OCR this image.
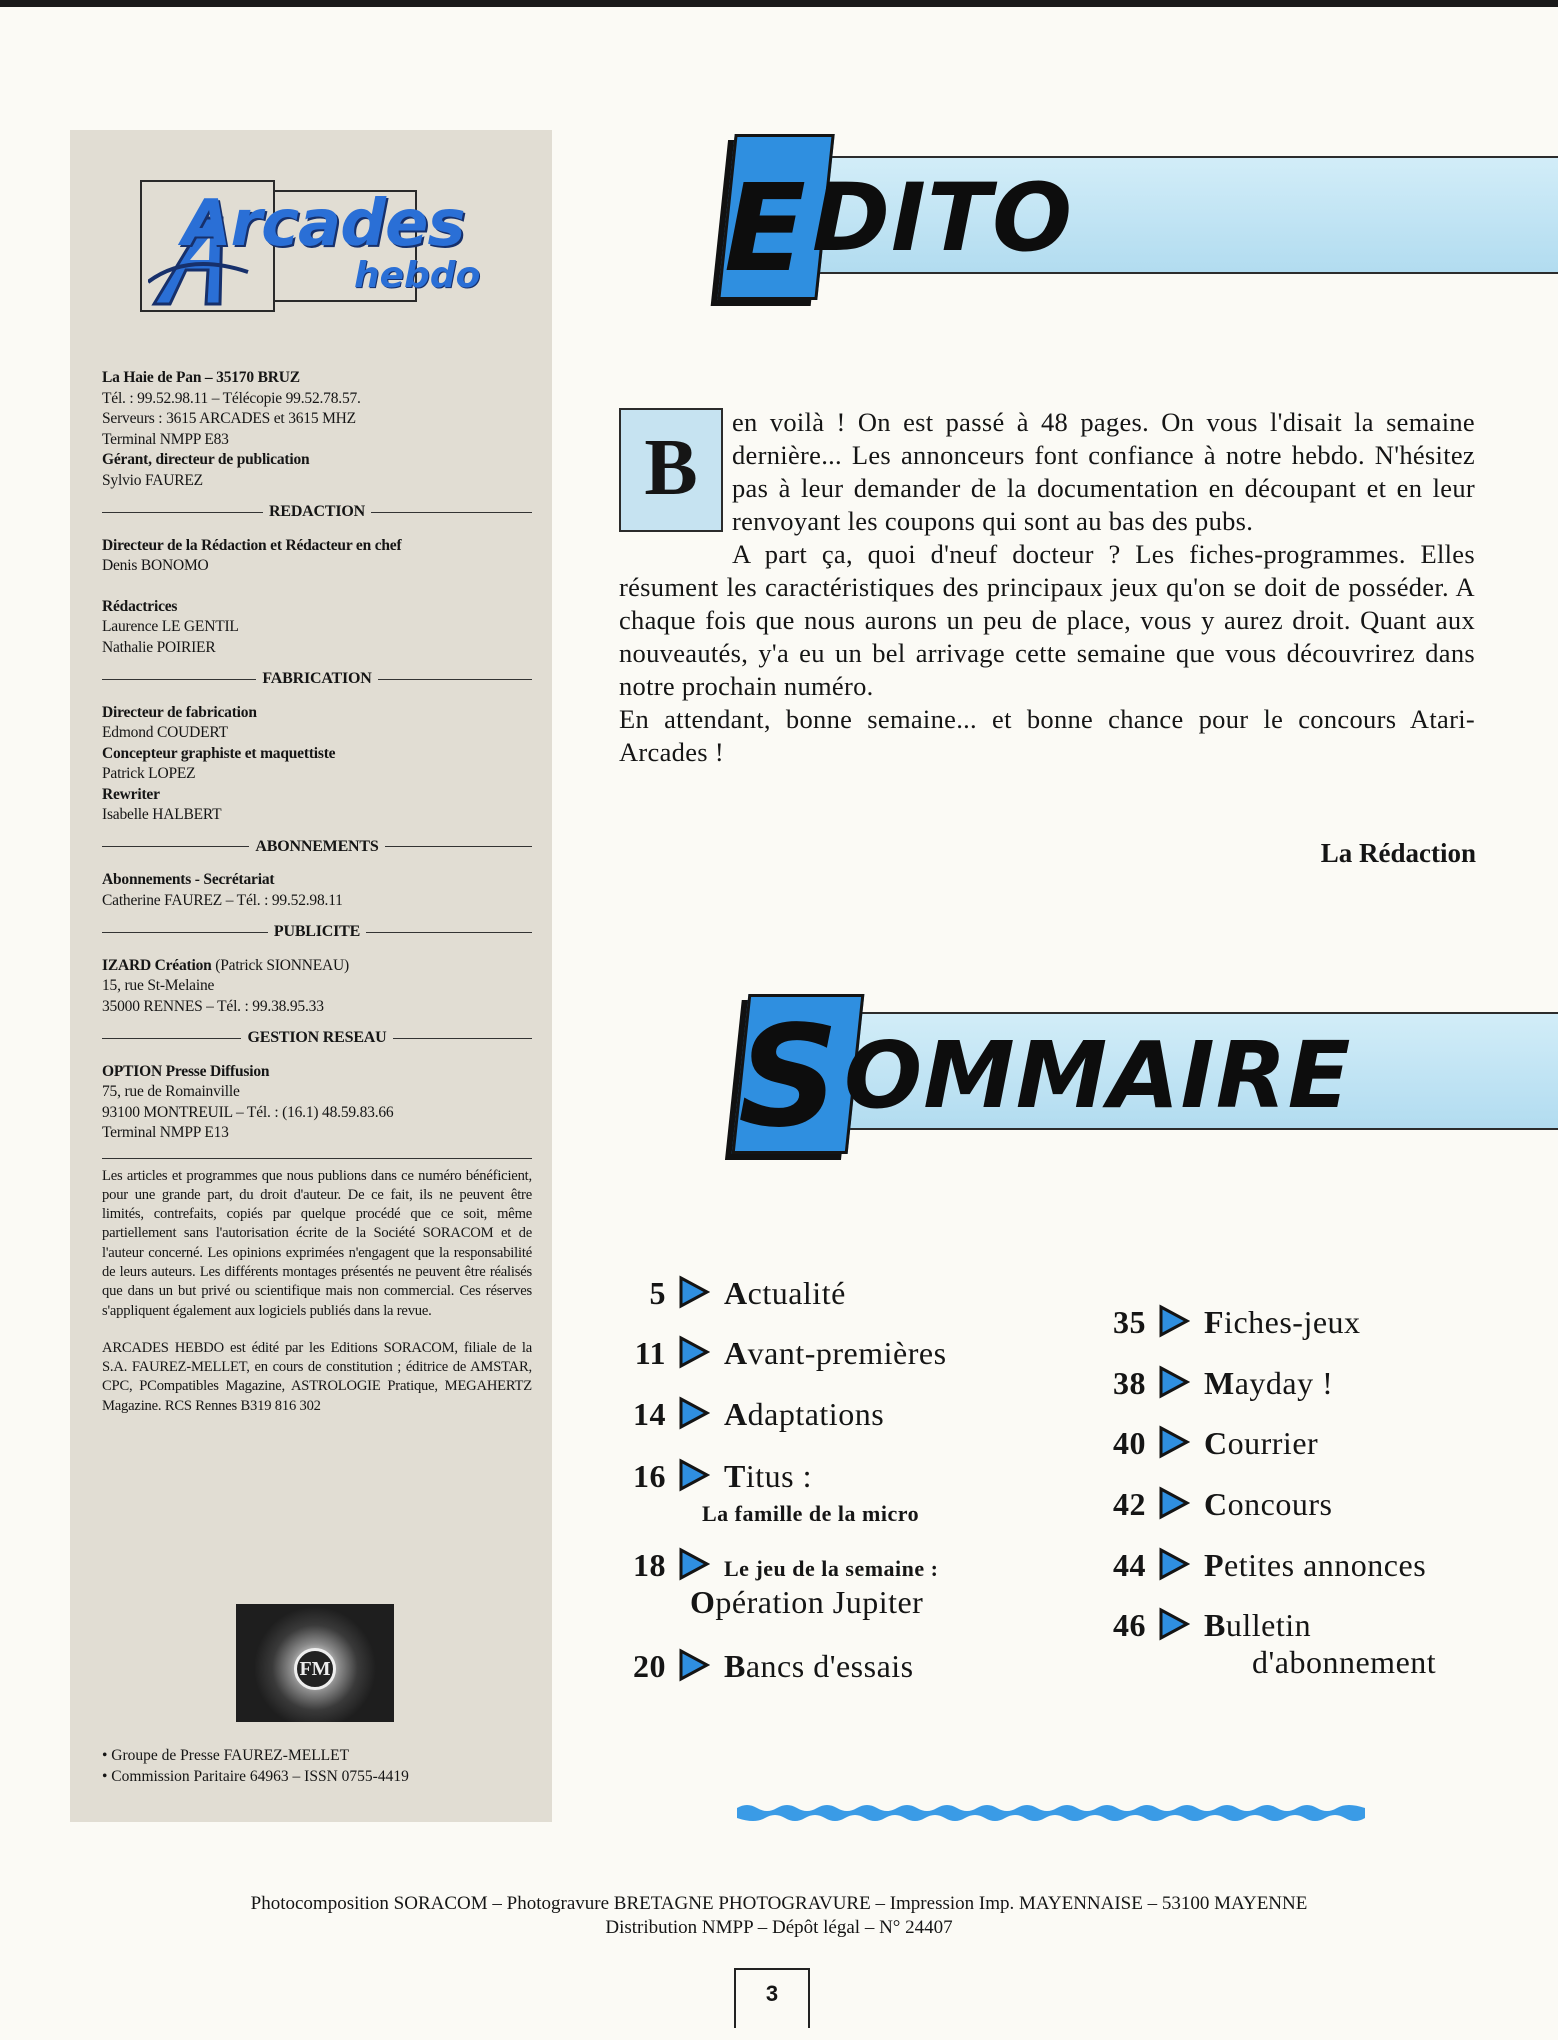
Arcades
hebdo
La Haie de Pan – 35170 BRUZ
Tél. : 99.52.98.11 – Télécopie 99.52.78.57.
Serveurs : 3615 ARCADES et 3615 MHZ
Terminal NMPP E83
Gérant, directeur de publication
Sylvio FAUREZ
REDACTION
Directeur de la Rédaction et Rédacteur en chef
Denis BONOMO
Rédactrices
Laurence LE GENTIL
Nathalie POIRIER
FABRICATION
Directeur de fabrication
Edmond COUDERT
Concepteur graphiste et maquettiste
Patrick LOPEZ
Rewriter
Isabelle HALBERT
ABONNEMENTS
Abonnements - Secrétariat
Catherine FAUREZ – Tél. : 99.52.98.11
PUBLICITE
IZARD Création (Patrick SIONNEAU)
15, rue St-Melaine
35000 RENNES – Tél. : 99.38.95.33
GESTION RESEAU
OPTION Presse Diffusion
75, rue de Romainville
93100 MONTREUIL – Tél. : (16.1) 48.59.83.66
Terminal NMPP E13
Les articles et programmes que nous publions dans ce numéro bénéficient, pour une grande part, du droit d'auteur. De ce fait, ils ne peuvent être limités, contrefaits, copiés par quelque procédé que ce soit, même partiellement sans l'autorisation écrite de la Société SORACOM et de l'auteur concerné. Les opinions exprimées n'engagent que la responsabilité de leurs auteurs. Les différents montages présentés ne peuvent être réalisés que dans un but privé ou scientifique mais non commercial. Ces réserves s'appliquent également aux logiciels publiés dans la revue.
ARCADES HEBDO est édité par les Editions SORACOM, filiale de la S.A. FAUREZ-MELLET, en cours de constitution ; éditrice de AMSTAR, CPC, PCompatibles Magazine, ASTROLOGIE Pratique, MEGAHERTZ Magazine. RCS Rennes B319 816 302
FM
• Groupe de Presse FAUREZ-MELLET
• Commission Paritaire 64963 – ISSN 0755-4419
E DITO
B

en voilà ! On est passé à 48 pages. On vous l'disait la semaine dernière... Les annonceurs font confiance à notre hebdo. N'hésitez pas à leur demander de la documentation en découpant et en leur renvoyant les coupons qui sont au bas des pubs.

A part ça, quoi d'neuf docteur ? Les fiches-programmes. Elles résument les caractéristiques des principaux jeux qu'on se doit de posséder. A chaque fois que nous aurons un peu de place, vous y aurez droit. Quant aux nouveautés, y'a eu un bel arrivage cette semaine que vous découvrirez dans notre prochain numéro.

En attendant, bonne semaine... et bonne chance pour le concours Atari-Arcades !

La Rédaction
S OMMAIRE
5 Actualité
11 Avant-premières
14 Adaptations
16 Titus :
La famille de la micro
18	Le jeu de la semaine :
Opération Jupiter
20 Bancs d'essais
35 Fiches-jeux
38 Mayday !
40 Courrier
42 Concours
44 Petites annonces
46 Bulletin
d'abonnement
Photocomposition SORACOM – Photogravure BRETAGNE PHOTOGRAVURE – Impression Imp. MAYENNAISE – 53100 MAYENNE
Distribution NMPP – Dépôt légal – N° 24407
3
